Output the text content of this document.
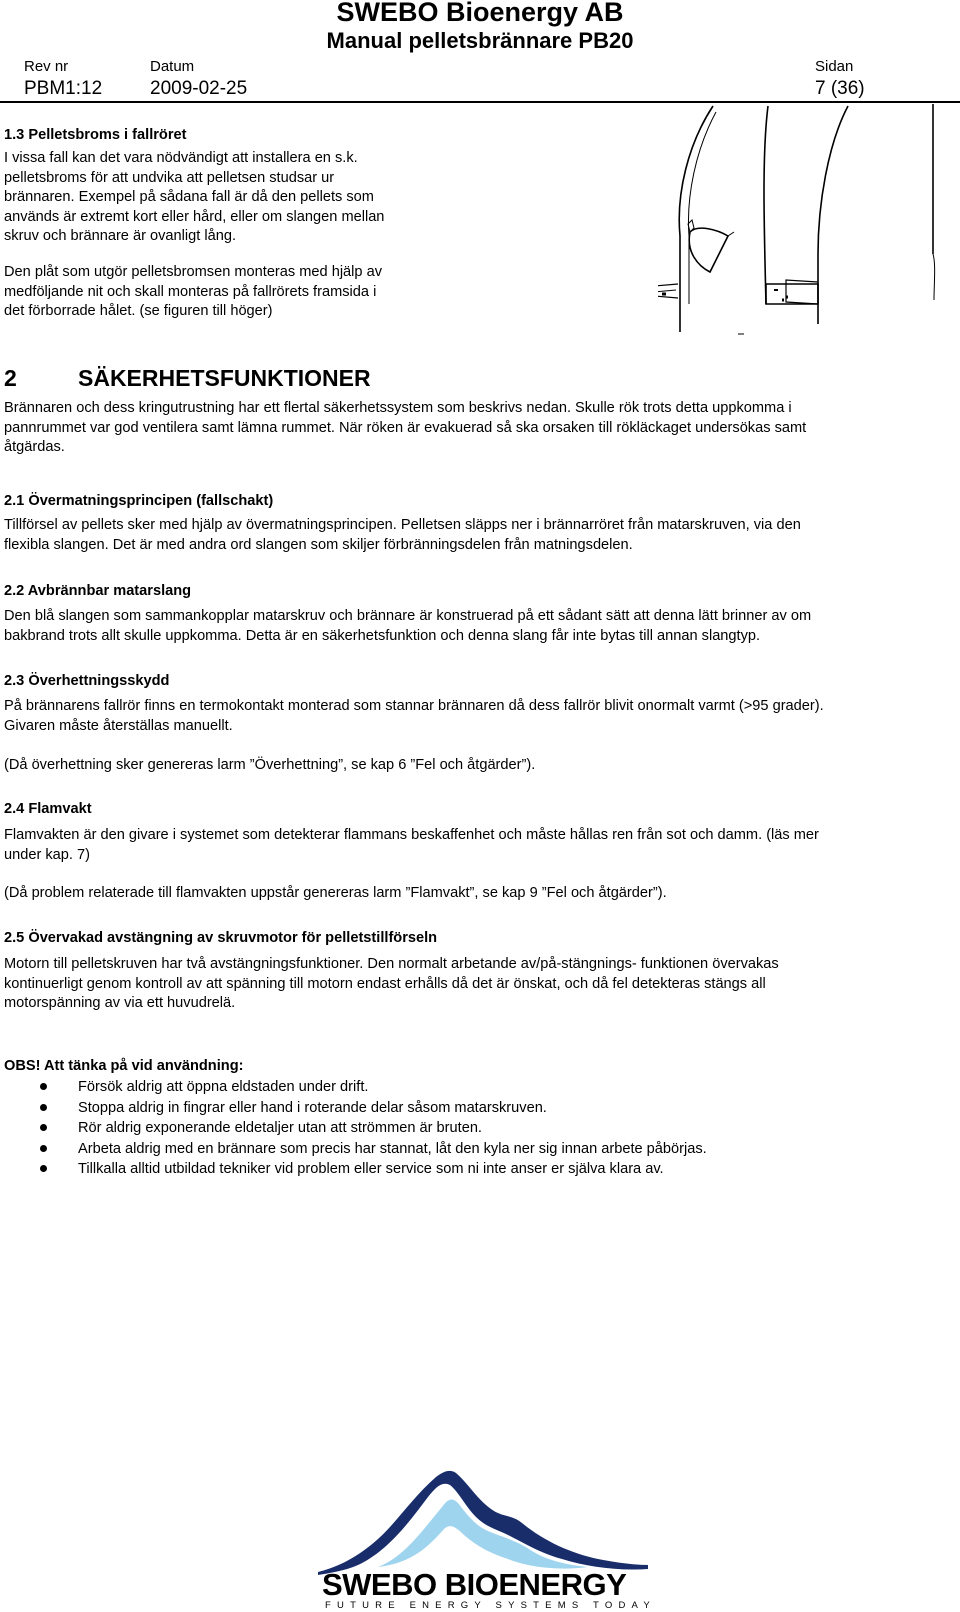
SWEBO Bioenergy AB
Manual pelletsbrännare PB20
Rev nr	Datum	Sidan
PBM1:12	2009-02-25	7 (36)
1.3 Pelletsbroms i fallröret
I vissa fall kan det vara nödvändigt att installera en s.k.
pelletsbroms för att undvika att pelletsen studsar ur
brännaren. Exempel på sådana fall är då den pellets som
används är extremt kort eller hård, eller om slangen mellan
skruv och brännare är ovanligt lång.
Den plåt som utgör pelletsbromsen monteras med hjälp av
medföljande nit och skall monteras på fallrörets framsida i
det förborrade hålet. (se figuren till höger)
2	SÄKERHETSFUNKTIONER
Brännaren och dess kringutrustning har ett flertal säkerhetssystem som beskrivs nedan. Skulle rök trots detta uppkomma i
pannrummet var god ventilera samt lämna rummet. När röken är evakuerad så ska orsaken till rökläckaget undersökas samt
åtgärdas.
2.1 Övermatningsprincipen (fallschakt)
Tillförsel av pellets sker med hjälp av övermatningsprincipen. Pelletsen släpps ner i brännarröret från matarskruven, via den
flexibla slangen. Det är med andra ord slangen som skiljer förbränningsdelen från matningsdelen.
2.2 Avbrännbar matarslang
Den blå slangen som sammankopplar matarskruv och brännare är konstruerad på ett sådant sätt att denna lätt brinner av om
bakbrand trots allt skulle uppkomma. Detta är en säkerhetsfunktion och denna slang får inte bytas till annan slangtyp.
2.3 Överhettningsskydd
På brännarens fallrör finns en termokontakt monterad som stannar brännaren då dess fallrör blivit onormalt varmt (>95 grader).
Givaren måste återställas manuellt.
(Då överhettning sker genereras larm ”Överhettning”, se kap 6 ”Fel och åtgärder”).
2.4 Flamvakt
Flamvakten är den givare i systemet som detekterar flammans beskaffenhet och måste hållas ren från sot och damm. (läs mer
under kap. 7)
(Då problem relaterade till flamvakten uppstår genereras larm ”Flamvakt”, se kap 9 ”Fel och åtgärder”).
2.5 Övervakad avstängning av skruvmotor för pelletstillförseln
Motorn till pelletskruven har två avstängningsfunktioner. Den normalt arbetande av/på-stängnings- funktionen övervakas
kontinuerligt genom kontroll av att spänning till motorn endast erhålls då det är önskat, och då fel detekteras stängs all
motorspänning av via ett huvudrelä.
OBS! Att tänka på vid användning:
Försök aldrig att öppna eldstaden under drift.
Stoppa aldrig in fingrar eller hand i roterande delar såsom matarskruven.
Rör aldrig exponerande eldetaljer utan att strömmen är bruten.
Arbeta aldrig med en brännare som precis har stannat, låt den kyla ner sig innan arbete påbörjas.
Tillkalla alltid utbildad tekniker vid problem eller service som ni inte anser er själva klara av.
SWEBO BIOENERGY
FUTURE ENERGY SYSTEMS TODAY
